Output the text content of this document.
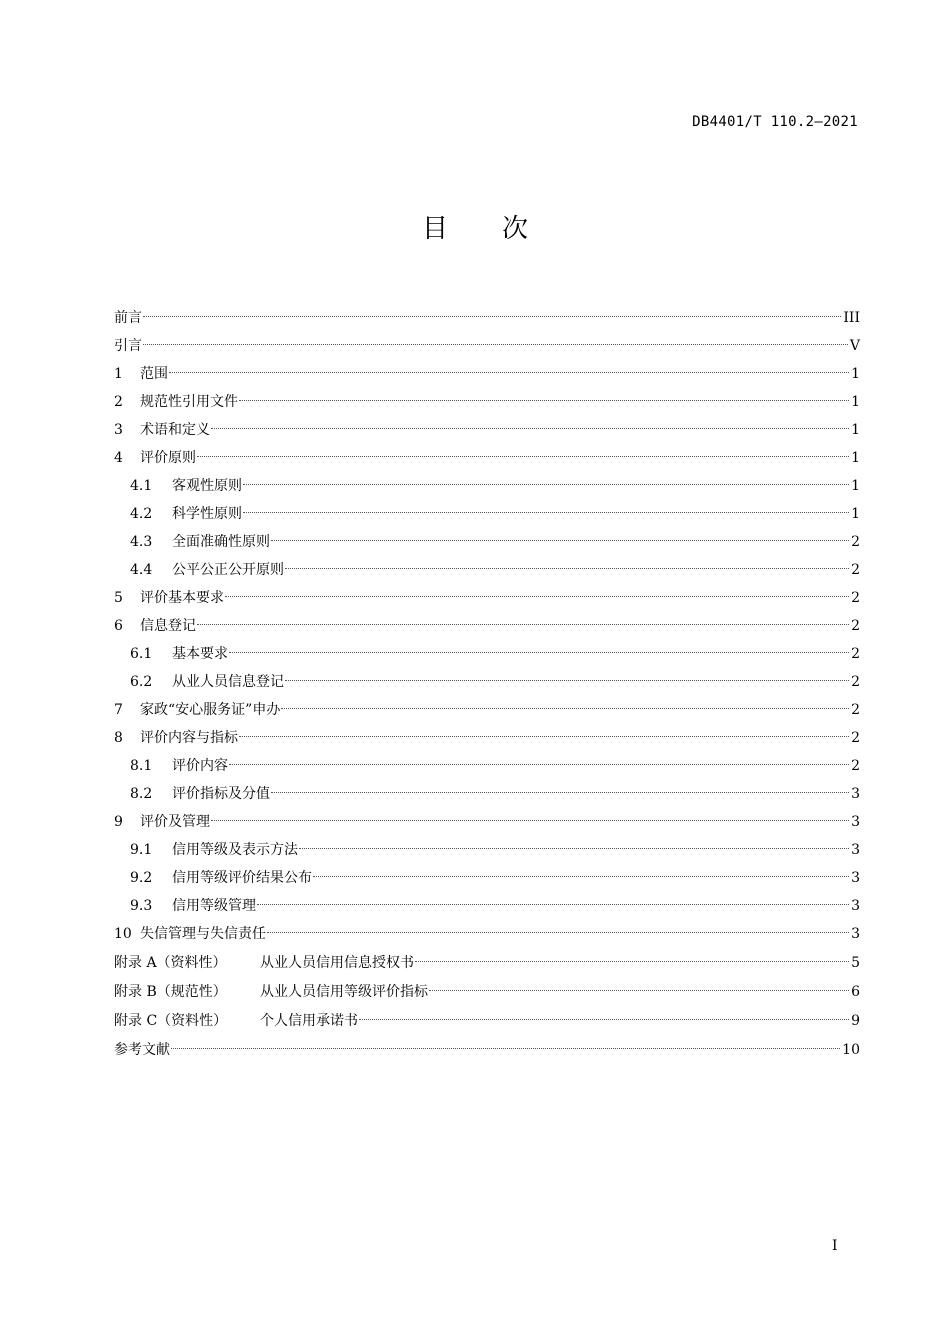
DB4401/T 110.2—2021
目 次
前言	III
引言	V
1	范围	1
2	规范性引用文件	1
3	术语和定义	1
4	评价原则	1
4.1	客观性原则	1
4.2	科学性原则	1
4.3	全面准确性原则	2
4.4	公平公正公开原则	2
5	评价基本要求	2
6	信息登记	2
6.1	基本要求	2
6.2	从业人员信息登记	2
7	家政“安心服务证”申办	2
8	评价内容与指标	2
8.1	评价内容	2
8.2	评价指标及分值	3
9	评价及管理	3
9.1	信用等级及表示方法	3
9.2	信用等级评价结果公布	3
9.3	信用等级管理	3
10 失信管理与失信责任	3
附录 A（资料性）	从业人员信用信息授权书	5
附录 B（规范性）	从业人员信用等级评价指标	6
附录 C（资料性）	个人信用承诺书	9
参考文献	10
I
